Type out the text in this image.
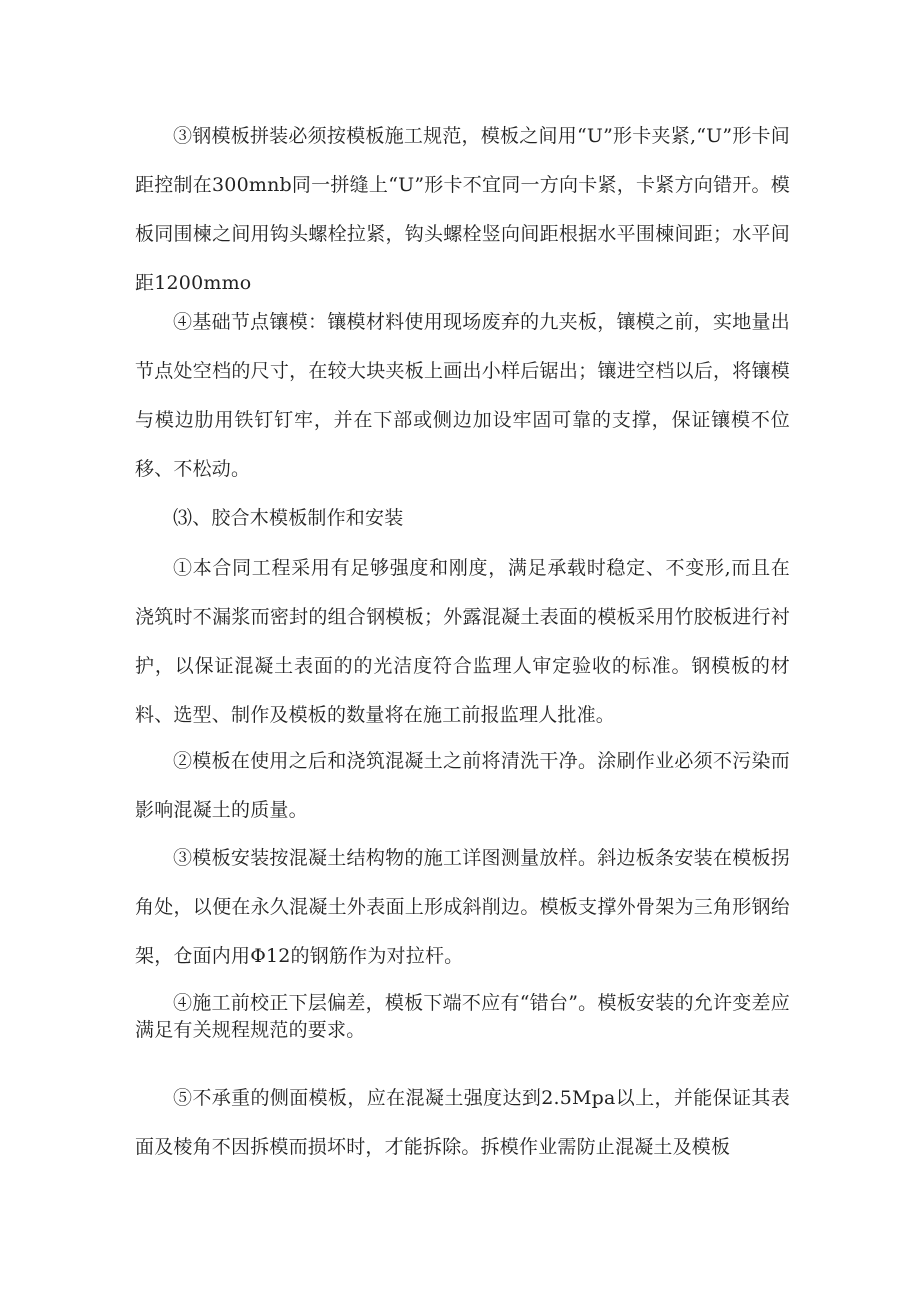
③钢模板拼装必须按模板施工规范，模板之间用“U”形卡夹紧,“U”形卡间距控制在300mnb同一拼缝上“U”形卡不宜同一方向卡紧，卡紧方向错开。模板同围楝之间用钩头螺栓拉紧，钩头螺栓竖向间距根据水平围楝间距；水平间距1200mmo

④基础节点镶模：镶模材料使用现场废弃的九夹板，镶模之前，实地量出节点处空档的尺寸，在较大块夹板上画出小样后锯出；镶进空档以后，将镶模与模边肋用铁钉钉牢，并在下部或侧边加设牢固可靠的支撑，保证镶模不位移、不松动。

⑶、胶合木模板制作和安装

①本合同工程采用有足够强度和刚度，满足承载时稳定、不变形,而且在浇筑时不漏浆而密封的组合钢模板；外露混凝土表面的模板采用竹胶板进行衬护，以保证混凝土表面的的光洁度符合监理人审定验收的标准。钢模板的材料、选型、制作及模板的数量将在施工前报监理人批准。

②模板在使用之后和浇筑混凝土之前将清洗干净。涂刷作业必须不污染而影响混凝土的质量。

③模板安装按混凝土结构物的施工详图测量放样。斜边板条安装在模板拐角处，以便在永久混凝土外表面上形成斜削边。模板支撑外骨架为三角形钢绐架，仓面内用Φ12的钢筋作为对拉杆。

④施工前校正下层偏差，模板下端不应有“错台”。模板安装的允许变差应满足有关规程规范的要求。

⑤不承重的侧面模板，应在混凝土强度达到2.5Mpa以上，并能保证其表面及棱角不因拆模而损坏时，才能拆除。拆模作业需防止混凝土及模板
